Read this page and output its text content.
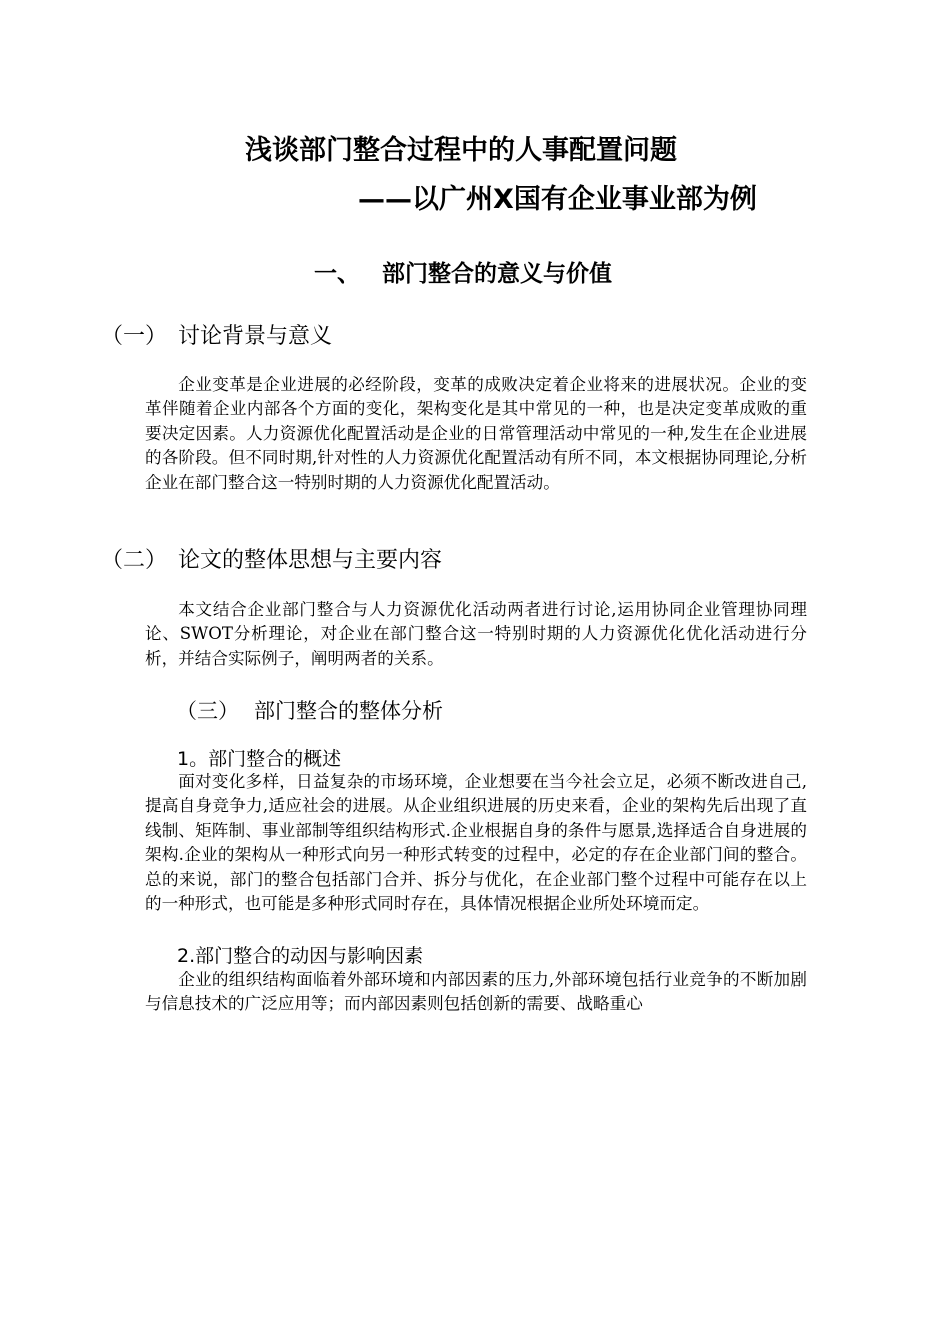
浅谈部门整合过程中的人事配置问题
——以广州X国有企业事业部为例
一、 部门整合的意义与价值
（一） 讨论背景与意义
企业变革是企业进展的必经阶段，变革的成败决定着企业将来的进展状况。企业的变革伴随着企业内部各个方面的变化，架构变化是其中常见的一种，也是决定变革成败的重要决定因素。人力资源优化配置活动是企业的日常管理活动中常见的一种,发生在企业进展的各阶段。但不同时期,针对性的人力资源优化配置活动有所不同，本文根据协同理论,分析企业在部门整合这一特别时期的人力资源优化配置活动。
（二） 论文的整体思想与主要内容
本文结合企业部门整合与人力资源优化活动两者进行讨论,运用协同企业管理协同理论、SWOT分析理论，对企业在部门整合这一特别时期的人力资源优化优化活动进行分析，并结合实际例子，阐明两者的关系。
（三） 部门整合的整体分析
1。部门整合的概述
面对变化多样，日益复杂的市场环境，企业想要在当今社会立足，必须不断改进自己,提高自身竞争力,适应社会的进展。从企业组织进展的历史来看，企业的架构先后出现了直线制、矩阵制、事业部制等组织结构形式.企业根据自身的条件与愿景,选择适合自身进展的架构.企业的架构从一种形式向另一种形式转变的过程中，必定的存在企业部门间的整合。总的来说，部门的整合包括部门合并、拆分与优化，在企业部门整个过程中可能存在以上的一种形式，也可能是多种形式同时存在，具体情况根据企业所处环境而定。
2.部门整合的动因与影响因素
企业的组织结构面临着外部环境和内部因素的压力,外部环境包括行业竞争的不断加剧与信息技术的广泛应用等；而内部因素则包括创新的需要、战略重心
